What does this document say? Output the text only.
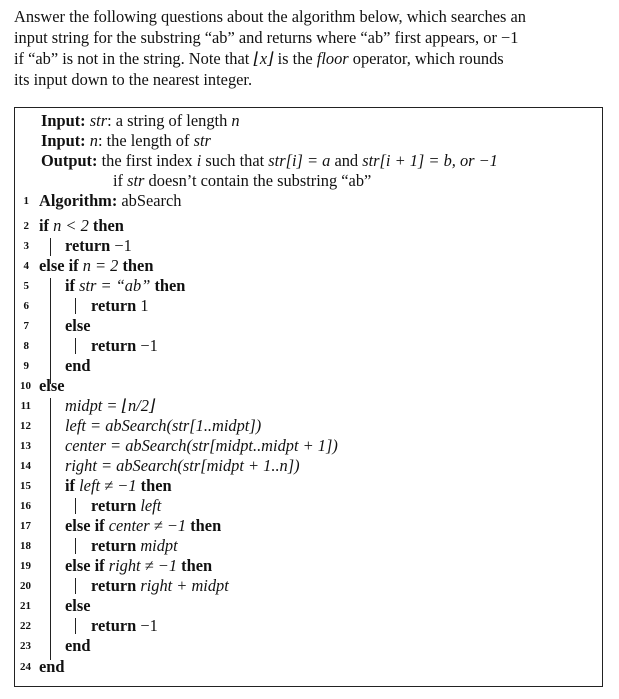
Answer the following questions about the algorithm below, which searches an

input string for the substring “ab” and returns where “ab” first appears, or −1

if “ab” is not in the string. Note that ⌊x⌋ is the floor operator, which rounds

its input down to the nearest integer.

Input: str: a string of length n
Input: n: the length of str
Output: the first index i such that str[i] = a and str[i + 1] = b, or −1
if str doesn’t contain the substring “ab”
1
2
3
4
5
6
7
8
9
10
11
12
13
14
15
16
17
18
19
20
21
22
23
24
Algorithm: abSearch
if n < 2 then
return −1
else if n = 2 then
if str = “ab” then
return 1
else
return −1
end
else
midpt = ⌊n/2⌋
left = abSearch(str[1..midpt])
center = abSearch(str[midpt..midpt + 1])
right = abSearch(str[midpt + 1..n])
if left ≠ −1 then
return left
else if center ≠ −1 then
return midpt
else if right ≠ −1 then
return right + midpt
else
return −1
end
end
